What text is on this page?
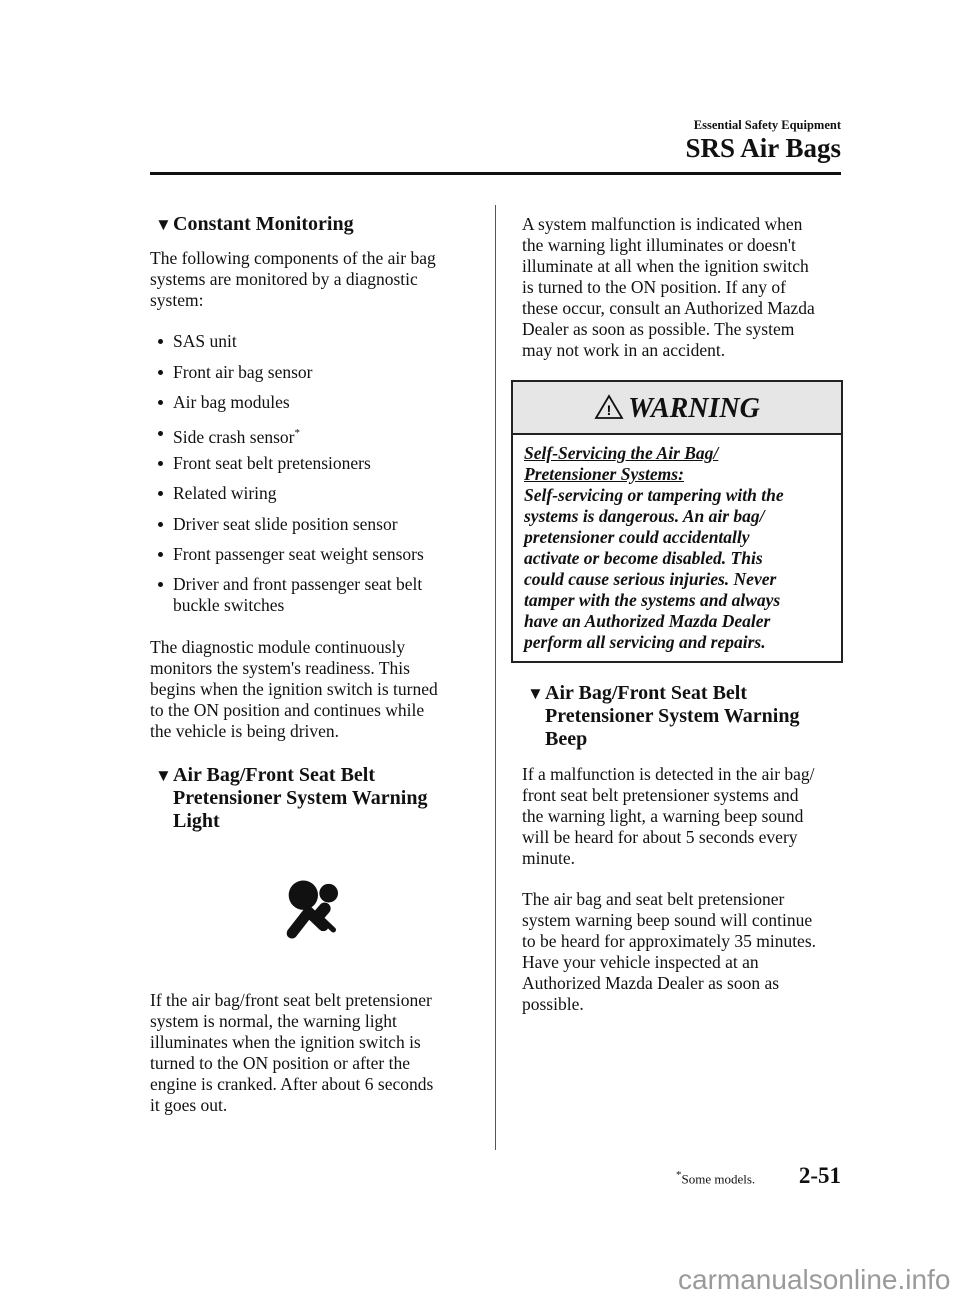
Essential Safety Equipment
SRS Air Bags
▼ Constant Monitoring
The following components of the air bag
systems are monitored by a diagnostic
system:
SAS unit
Front air bag sensor
Air bag modules
Side crash sensor*
Front seat belt pretensioners
Related wiring
Driver seat slide position sensor
Front passenger seat weight sensors
Driver and front passenger seat belt
buckle switches
The diagnostic module continuously
monitors the system's readiness. This
begins when the ignition switch is turned
to the ON position and continues while
the vehicle is being driven.
▼ Air Bag/Front Seat Belt
Pretensioner System Warning
Light
If the air bag/front seat belt pretensioner
system is normal, the warning light
illuminates when the ignition switch is
turned to the ON position or after the
engine is cranked. After about 6 seconds
it goes out.
A system malfunction is indicated when
the warning light illuminates or doesn't
illuminate at all when the ignition switch
is turned to the ON position. If any of
these occur, consult an Authorized Mazda
Dealer as soon as possible. The system
may not work in an accident.
! WARNING
Self-Servicing the Air Bag/
Pretensioner Systems:
Self-servicing or tampering with the
systems is dangerous. An air bag/
pretensioner could accidentally
activate or become disabled. This
could cause serious injuries. Never
tamper with the systems and always
have an Authorized Mazda Dealer
perform all servicing and repairs.
▼ Air Bag/Front Seat Belt
Pretensioner System Warning
Beep
If a malfunction is detected in the air bag/
front seat belt pretensioner systems and
the warning light, a warning beep sound
will be heard for about 5 seconds every
minute.
The air bag and seat belt pretensioner
system warning beep sound will continue
to be heard for approximately 35 minutes.
Have your vehicle inspected at an
Authorized Mazda Dealer as soon as
possible.
*Some models. 2-51
carmanualsonline.info
